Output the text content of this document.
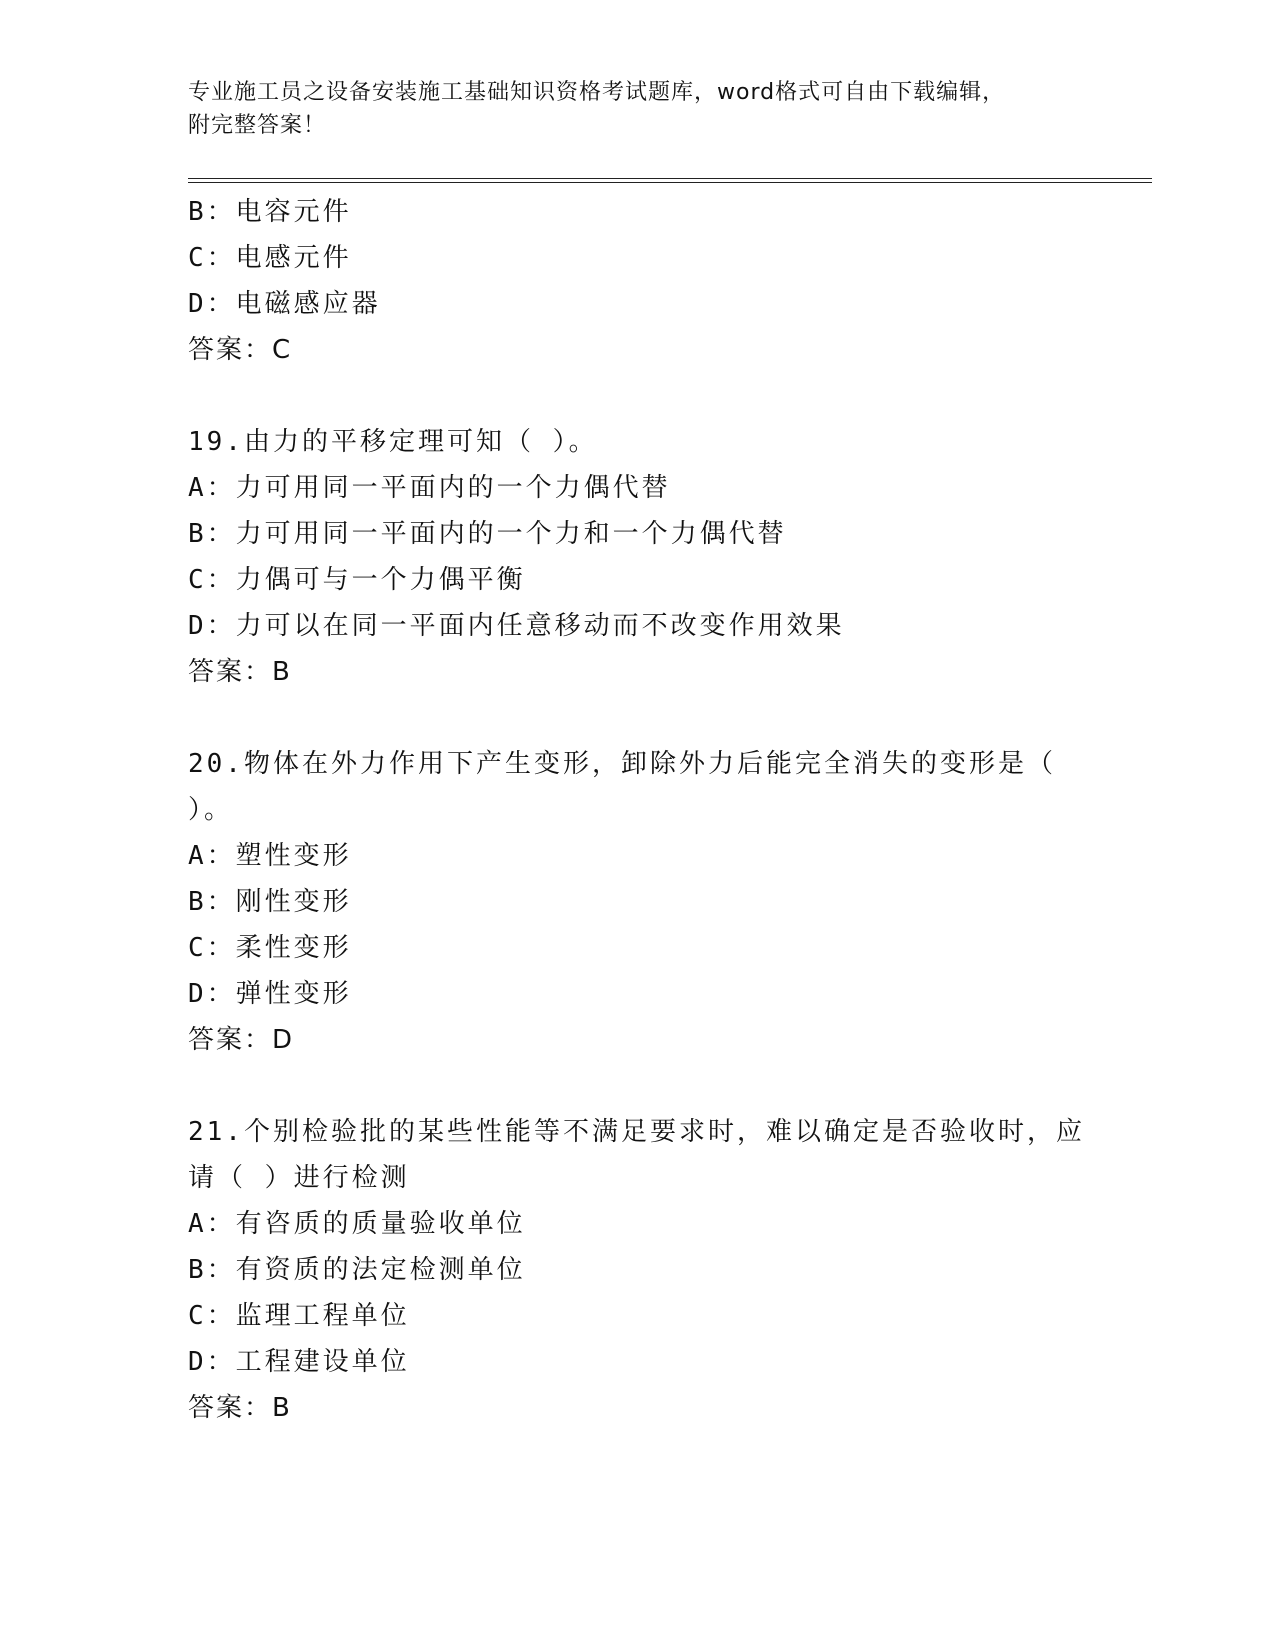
专业施工员之设备安装施工基础知识资格考试题库，word格式可自由下载编辑，
附完整答案！
B：电容元件
C：电感元件
D：电磁感应器
答案：C
19.由力的平移定理可知（ ）。
A：力可用同一平面内的一个力偶代替
B：力可用同一平面内的一个力和一个力偶代替
C：力偶可与一个力偶平衡
D：力可以在同一平面内任意移动而不改变作用效果
答案：B
20.物体在外力作用下产生变形，卸除外力后能完全消失的变形是（
）。
A：塑性变形
B：刚性变形
C：柔性变形
D：弹性变形
答案：D
21.个别检验批的某些性能等不满足要求时，难以确定是否验收时，应
请（ ）进行检测
A：有咨质的质量验收单位
B：有资质的法定检测单位
C：监理工程单位
D：工程建设单位
答案：B
